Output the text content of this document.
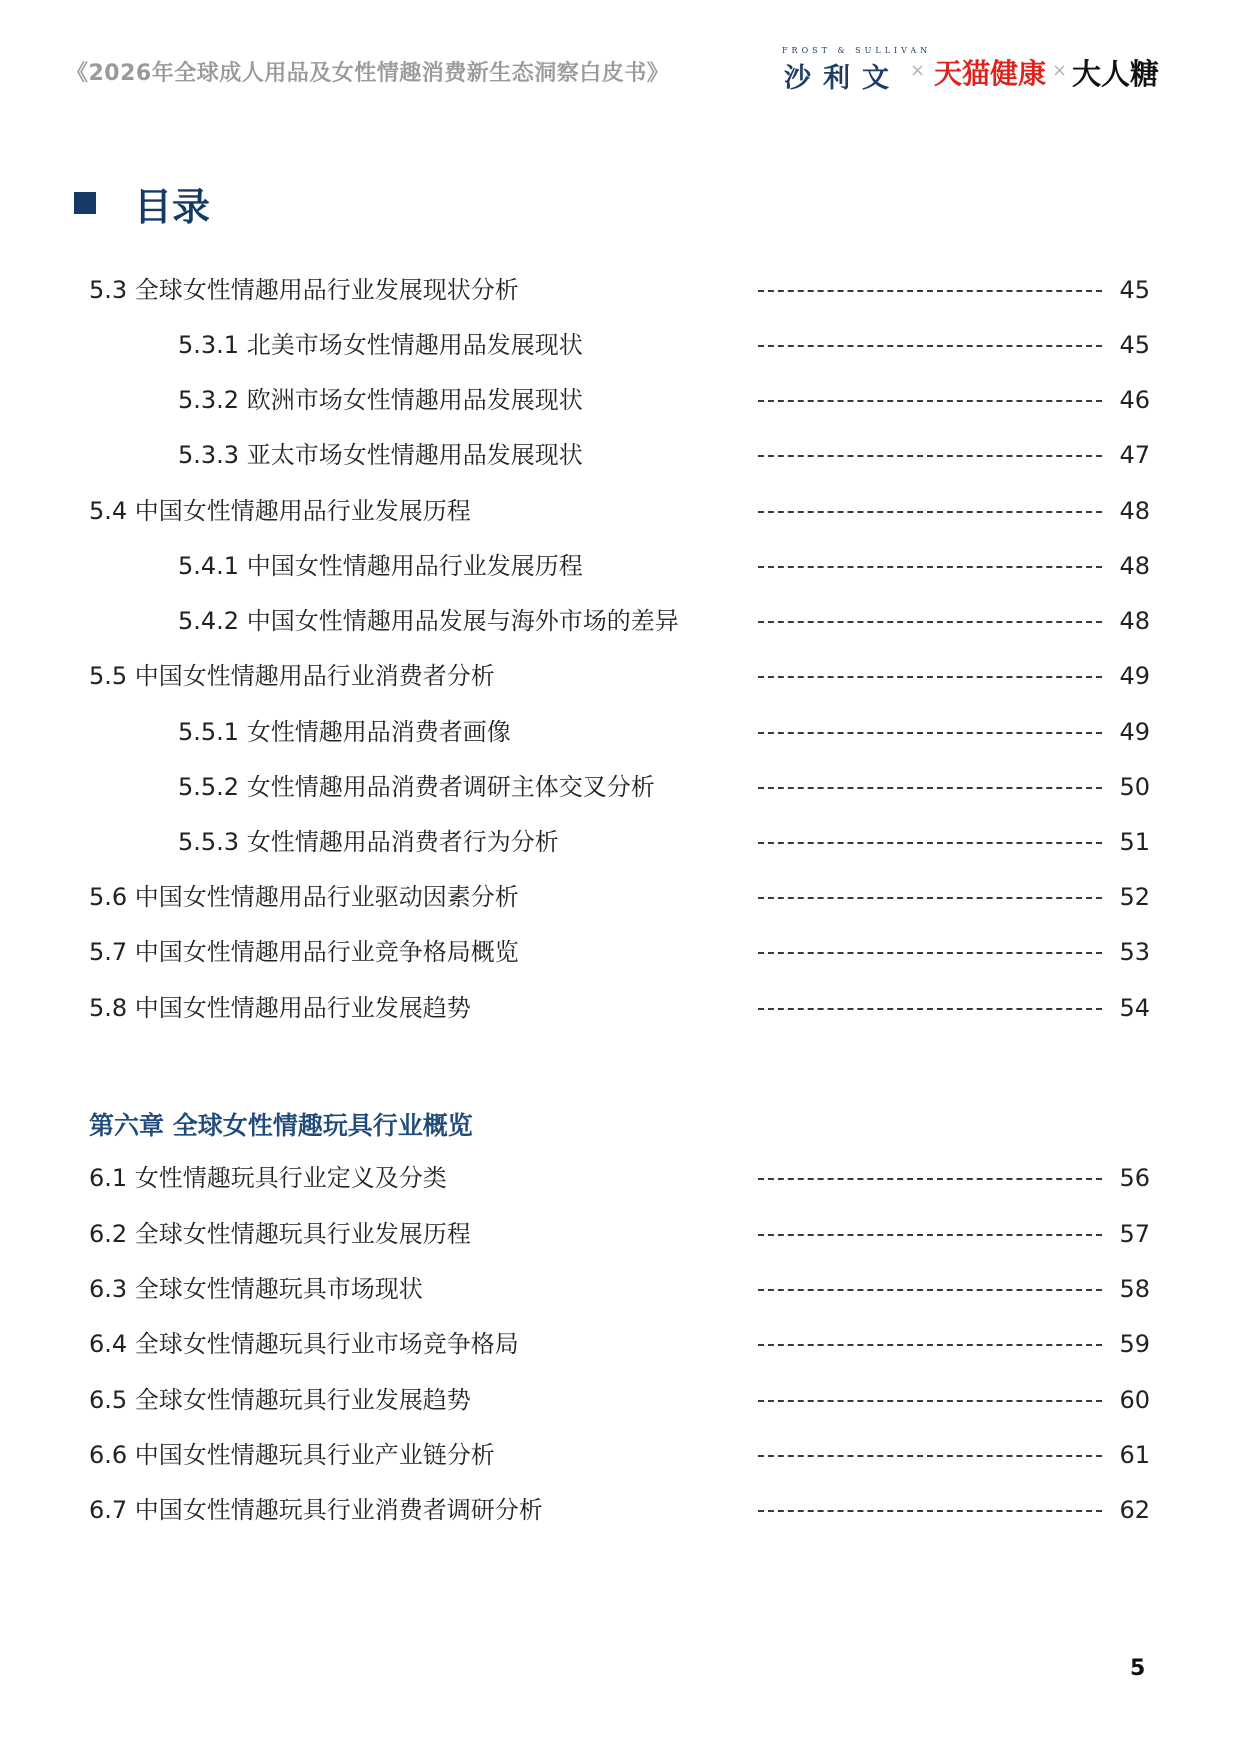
《2026年全球成人用品及女性情趣消费新生态洞察白皮书》
FROST & SULLIVAN
沙利文 × 天猫健康 × 大人糖
目录
5.3 全球女性情趣用品行业发展现状分析	45
5.3.1 北美市场女性情趣用品发展现状	45
5.3.2 欧洲市场女性情趣用品发展现状	46
5.3.3 亚太市场女性情趣用品发展现状	47
5.4 中国女性情趣用品行业发展历程	48
5.4.1 中国女性情趣用品行业发展历程	48
5.4.2 中国女性情趣用品发展与海外市场的差异	48
5.5 中国女性情趣用品行业消费者分析	49
5.5.1 女性情趣用品消费者画像	49
5.5.2 女性情趣用品消费者调研主体交叉分析	50
5.5.3 女性情趣用品消费者行为分析	51
5.6 中国女性情趣用品行业驱动因素分析	52
5.7 中国女性情趣用品行业竞争格局概览	53
5.8 中国女性情趣用品行业发展趋势	54
第六章 全球女性情趣玩具行业概览
6.1 女性情趣玩具行业定义及分类	56
6.2 全球女性情趣玩具行业发展历程	57
6.3 全球女性情趣玩具市场现状	58
6.4 全球女性情趣玩具行业市场竞争格局	59
6.5 全球女性情趣玩具行业发展趋势	60
6.6 中国女性情趣玩具行业产业链分析	61
6.7 中国女性情趣玩具行业消费者调研分析	62
5
